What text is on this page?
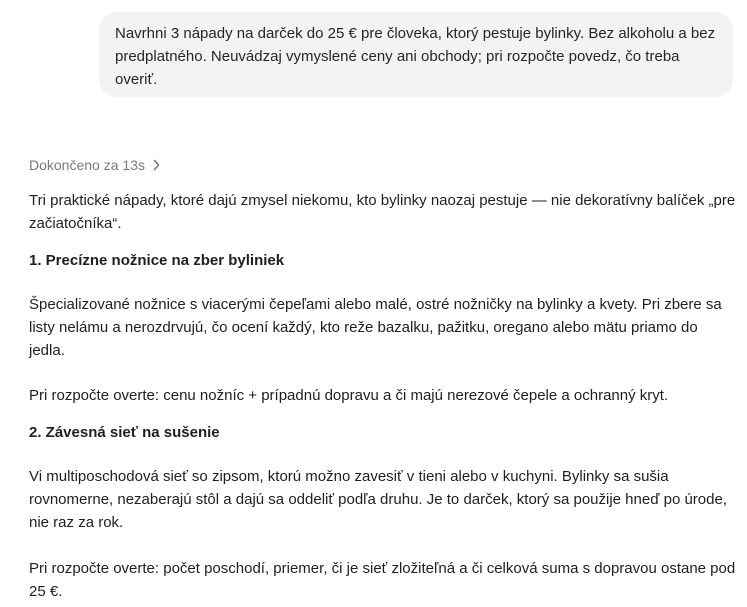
Navrhni 3 nápady na darček do 25 € pre človeka, ktorý pestuje bylinky. Bez alkoholu a bez predplatného. Neuvádzaj vymyslené ceny ani obchody; pri rozpočte povedz, čo treba overiť.
Dokončeno za 13s

Tri praktické nápady, ktoré dajú zmysel niekomu, kto bylinky naozaj pestuje — nie dekoratívny balíček „pre začiatočníka“.

1. Precízne nožnice na zber byliniek

Špecializované nožnice s viacerými čepeľami alebo malé, ostré nožničky na bylinky a kvety. Pri zbere sa listy nelámu a nerozdrvujú, čo ocení každý, kto reže bazalku, pažitku, oregano alebo mätu priamo do jedla.

Pri rozpočte overte: cenu nožníc + prípadnú dopravu a či majú nerezové čepele a ochranný kryt.

2. Závesná sieť na sušenie

Vi multiposchodová sieť so zipsom, ktorú možno zavesiť v tieni alebo v kuchyni. Bylinky sa sušia rovnomerne, nezaberajú stôl a dajú sa oddeliť podľa druhu. Je to darček, ktorý sa použije hneď po úrode, nie raz za rok.

Pri rozpočte overte: počet poschodí, priemer, či je sieť zložiteľná a či celková suma s dopravou ostane pod 25 €.
